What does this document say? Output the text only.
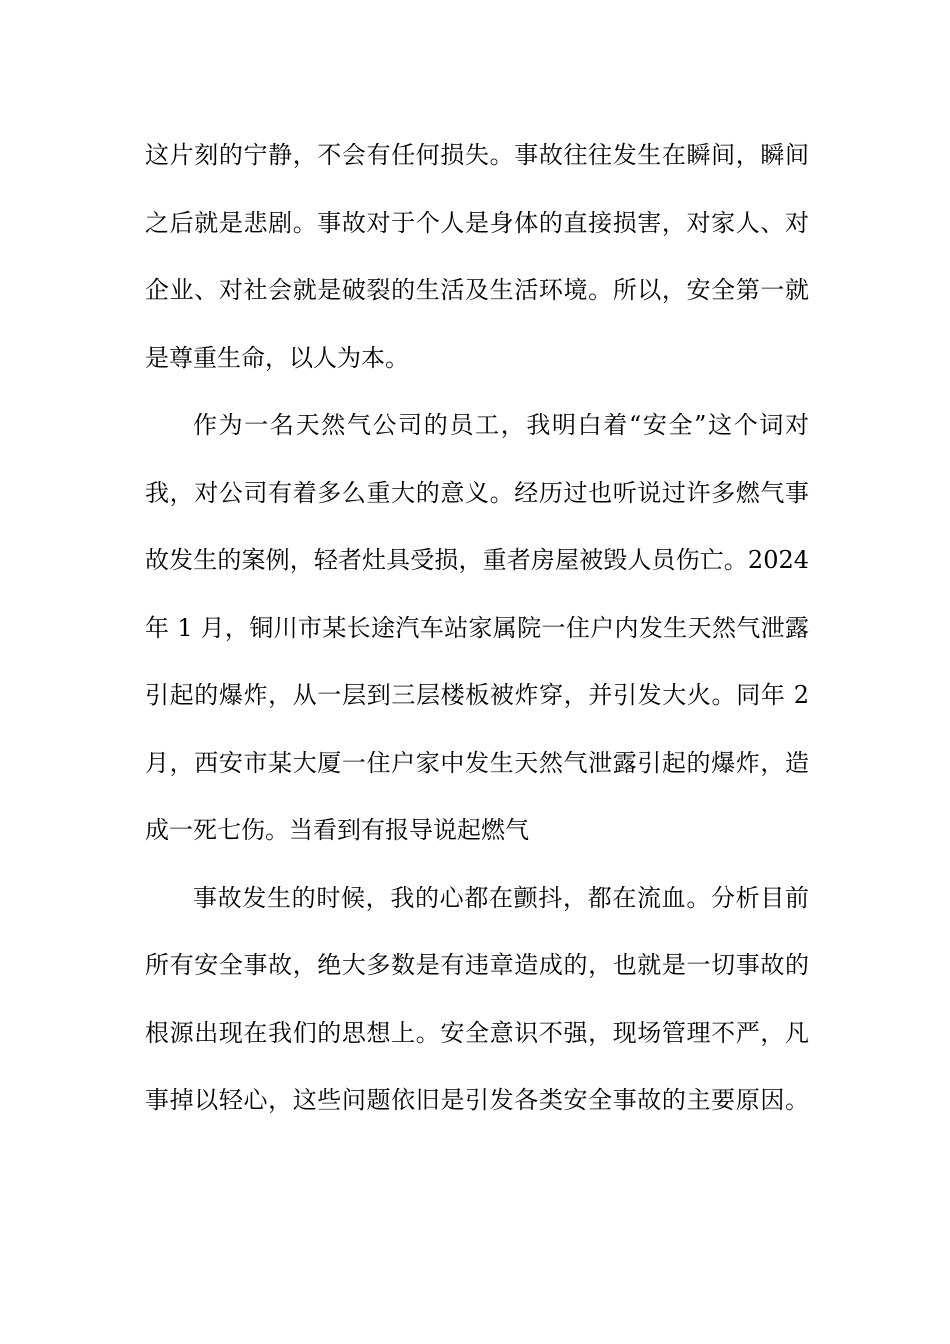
这片刻的宁静，不会有任何损失。事故往往发生在瞬间，瞬间
之后就是悲剧。事故对于个人是身体的直接损害，对家人、对
企业、对社会就是破裂的生活及生活环境。所以，安全第一就
是尊重生命，以人为本。

作为一名天然气公司的员工，我明白着“安全”这个词对
我，对公司有着多么重大的意义。经历过也听说过许多燃气事
故发生的案例，轻者灶具受损，重者房屋被毁人员伤亡。2024
年 1 月，铜川市某长途汽车站家属院一住户内发生天然气泄露
引起的爆炸，从一层到三层楼板被炸穿，并引发大火。同年 2
月，西安市某大厦一住户家中发生天然气泄露引起的爆炸，造
成一死七伤。当看到有报导说起燃气

事故发生的时候，我的心都在颤抖，都在流血。分析目前
所有安全事故，绝大多数是有违章造成的，也就是一切事故的
根源出现在我们的思想上。安全意识不强，现场管理不严，凡
事掉以轻心，这些问题依旧是引发各类安全事故的主要原因。
